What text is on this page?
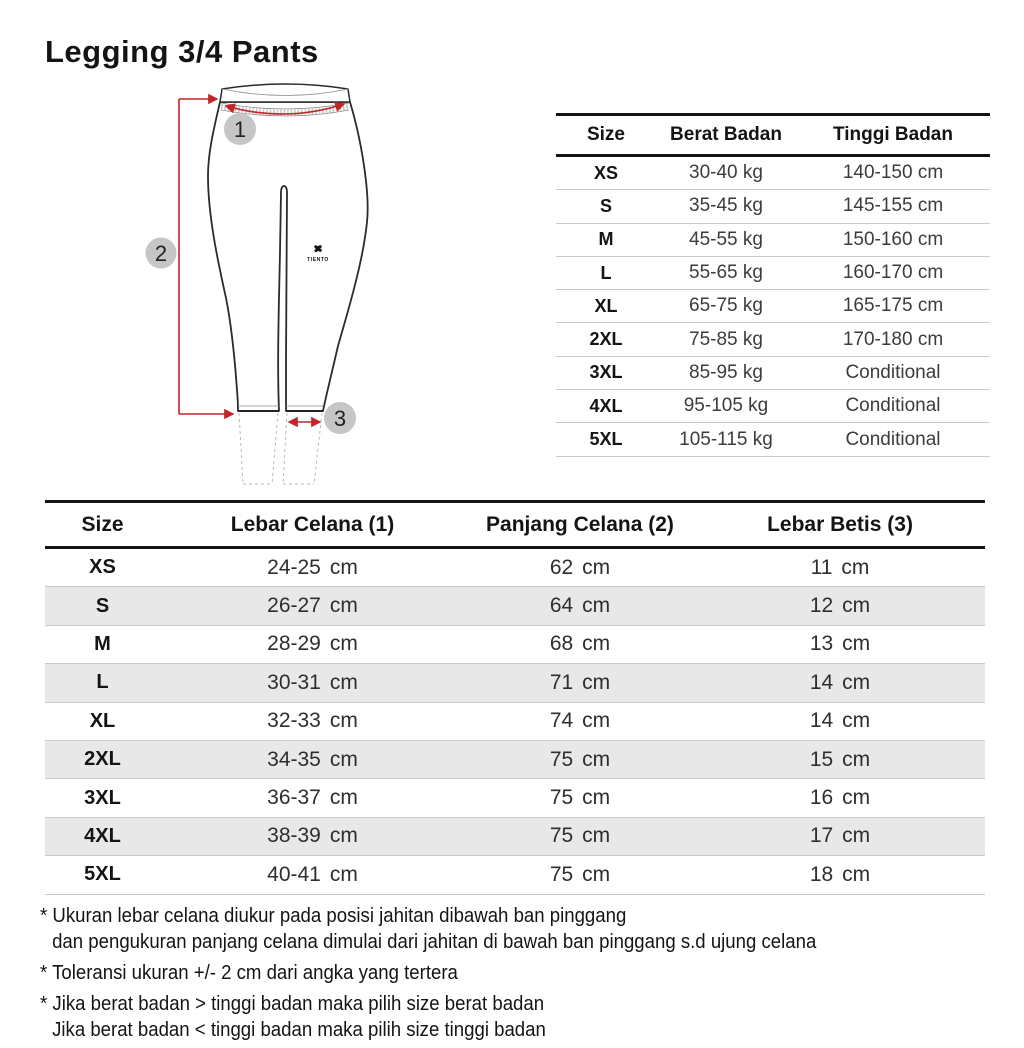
Legging 3/4 Pants
1
2
3
TIENTO
Size	Berat Badan	Tinggi Badan
XS	30-40 kg	140-150 cm
S	35-45 kg	145-155 cm
M	45-55 kg	150-160 cm
L	55-65 kg	160-170 cm
XL	65-75 kg	165-175 cm
2XL	75-85 kg	170-180 cm
3XL	85-95 kg	Conditional
4XL	95-105 kg	Conditional
5XL	105-115 kg	Conditional
Size	Lebar Celana (1)	Panjang Celana (2)	Lebar Betis (3)
XS	24-25 cm	62 cm	11 cm
S	26-27 cm	64 cm	12 cm
M	28-29 cm	68 cm	13 cm
L	30-31 cm	71 cm	14 cm
XL	32-33 cm	74 cm	14 cm
2XL	34-35 cm	75 cm	15 cm
3XL	36-37 cm	75 cm	16 cm
4XL	38-39 cm	75 cm	17 cm
5XL	40-41 cm	75 cm	18 cm
* Ukuran lebar celana diukur pada posisi jahitan dibawah ban pinggang
dan pengukuran panjang celana dimulai dari jahitan di bawah ban pinggang s.d ujung celana
* Toleransi ukuran +/- 2 cm dari angka yang tertera
* Jika berat badan > tinggi badan maka pilih size berat badan
Jika berat badan < tinggi badan maka pilih size tinggi badan
